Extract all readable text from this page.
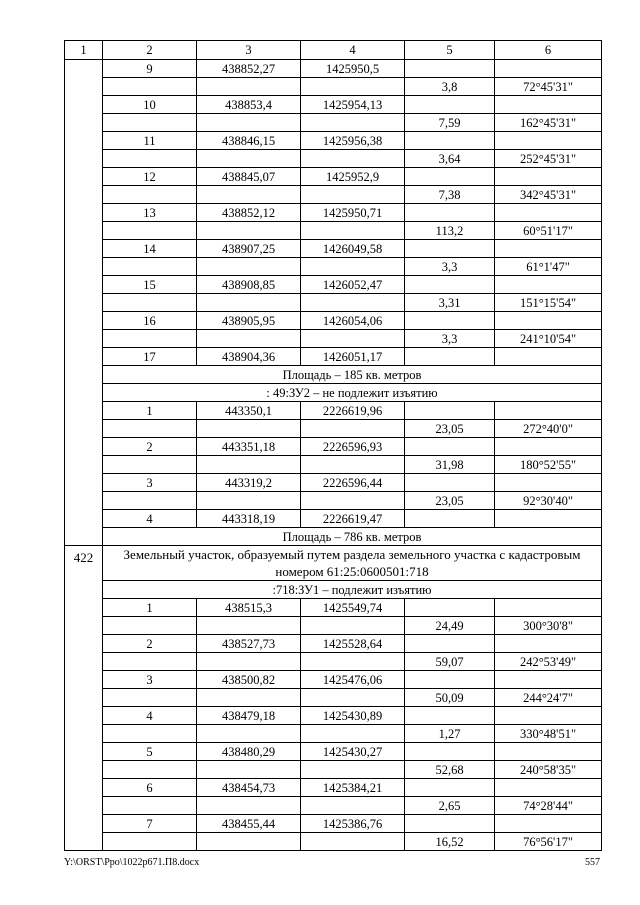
1	2	3	4	5	6
	9	438852,27	1425950,5		
				3,8	72°45'31"
	10	438853,4	1425954,13		
				7,59	162°45'31"
	11	438846,15	1425956,38		
				3,64	252°45'31"
	12	438845,07	1425952,9		
				7,38	342°45'31"
	13	438852,12	1425950,71		
				113,2	60°51'17"
	14	438907,25	1426049,58		
				3,3	61°1'47"
	15	438908,85	1426052,47		
				3,31	151°15'54"
	16	438905,95	1426054,06		
				3,3	241°10'54"
	17	438904,36	1426051,17		
	Площадь – 185 кв. метров				
	: 49:ЗУ2 – не подлежит изъятию				
	1	443350,1	2226619,96		
				23,05	272°40'0"
	2	443351,18	2226596,93		
				31,98	180°52'55"
	3	443319,2	2226596,44		
				23,05	92°30'40"
	4	443318,19	2226619,47		
	Площадь – 786 кв. метров				
422	Земельный участок, образуемый путем раздела земельного участка с кадастровым номером 61:25:0600501:718				
	:718:ЗУ1 – подлежит изъятию				
	1	438515,3	1425549,74		
				24,49	300°30'8"
	2	438527,73	1425528,64		
				59,07	242°53'49"
	3	438500,82	1425476,06		
				50,09	244°24'7"
	4	438479,18	1425430,89		
				1,27	330°48'51"
	5	438480,29	1425430,27		
				52,68	240°58'35"
	6	438454,73	1425384,21		
				2,65	74°28'44"
	7	438455,44	1425386,76		
				16,52	76°56'17"
Y:\ORST\Ppo\1022p671.П8.docx	557
